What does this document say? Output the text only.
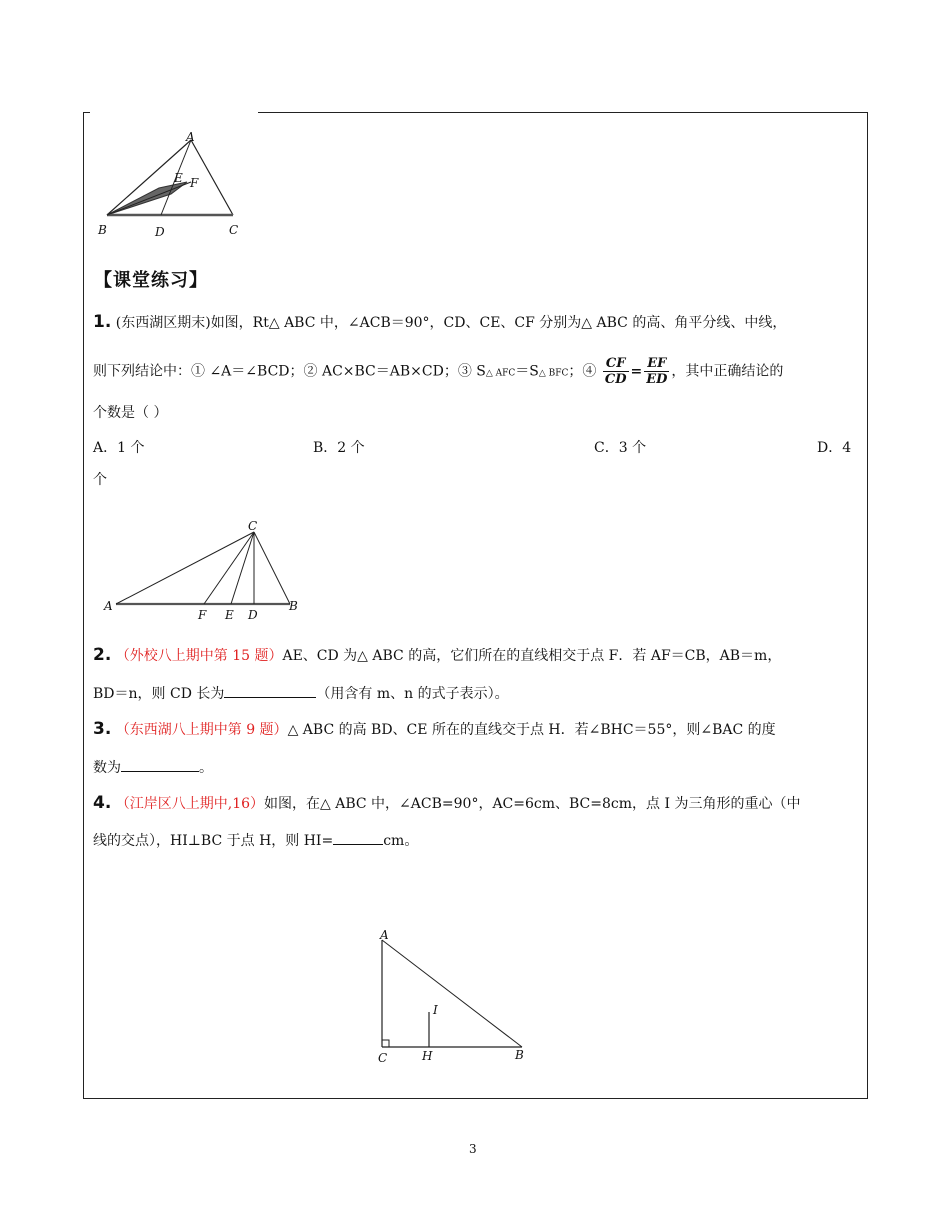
A
B	D	C
E F
【课堂练习】
1. (东西湖区期末)如图，Rt△ ABC 中，∠ACB＝90°，CD、CE、CF 分别为△ ABC 的高、角平分线、中线，
则下列结论中：① ∠A＝∠BCD；② AC×BC＝AB×CD；③ S△ AFC＝S△ BFC；④ $\frac{CF}{CD} = \frac{EF}{ED}$ ，其中正确结论的
个数是（ ）
A．1 个	B．2 个	C．3 个	D．4
个
C
A
F E D
B
2. （外校八上期中第 15 题）AE、CD 为△ ABC 的高，它们所在的直线相交于点 F．若 AF＝CB，AB＝m，
BD＝n，则 CD 长为	（用含有 m、n 的式子表示）。
3. （东西湖八上期中第 9 题）△ ABC 的高 BD、CE 所在的直线交于点 H．若∠BHC＝55°，则∠BAC 的度
数为	。
4. （江岸区八上期中,16）如图，在△ ABC 中，∠ACB=90°，AC=6cm、BC=8cm，点 I 为三角形的重心（中
线的交点），HI⊥BC 于点 H，则 HI=	cm。
A
I
C	H	B
3
